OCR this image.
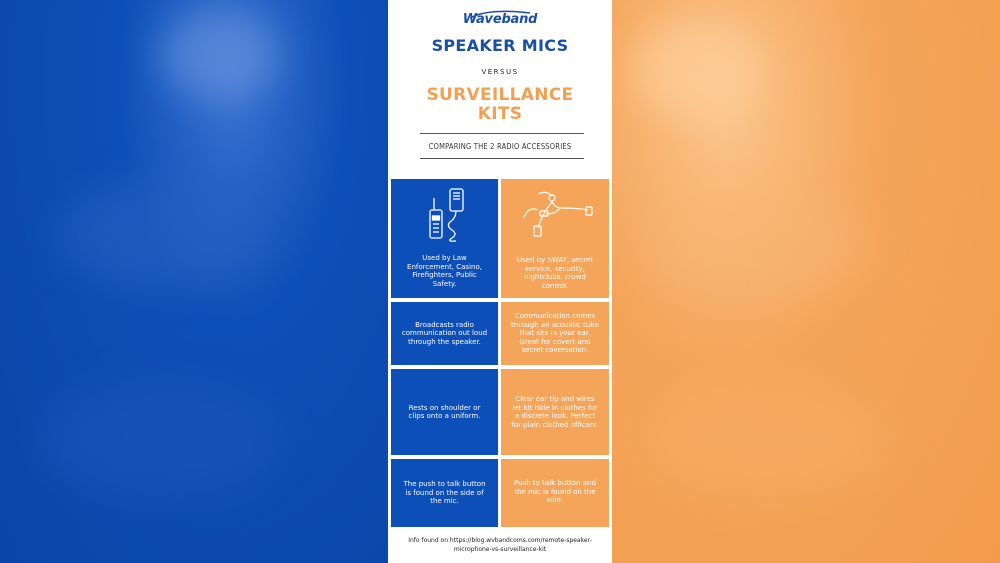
Waveband
SPEAKER MICS
VERSUS
SURVEILLANCE
KITS
COMPARING THE 2 RADIO ACCESSORIES
Used by Law Enforcement, Casino, Firefighters, Public Safety.
Used by SWAT, secret service, security, nightclubs, crowd control.
Broadcasts radio communication out loud through the speaker.
Communication comes through an acoustic tube that sits in your ear. Great for covert and secret coversation.
Rests on shoulder or clips onto a uniform.
Clear ear tip and wires let kit hide in clothes for a discrete look. Perfect for plain clothed officers.
The push to talk button is found on the side of the mic.
Push to talk button and the mic is found on the wire.
Info found on https://blog.wvbandcoms.com/remote-speaker-
microphone-vs-surveillance-kit
